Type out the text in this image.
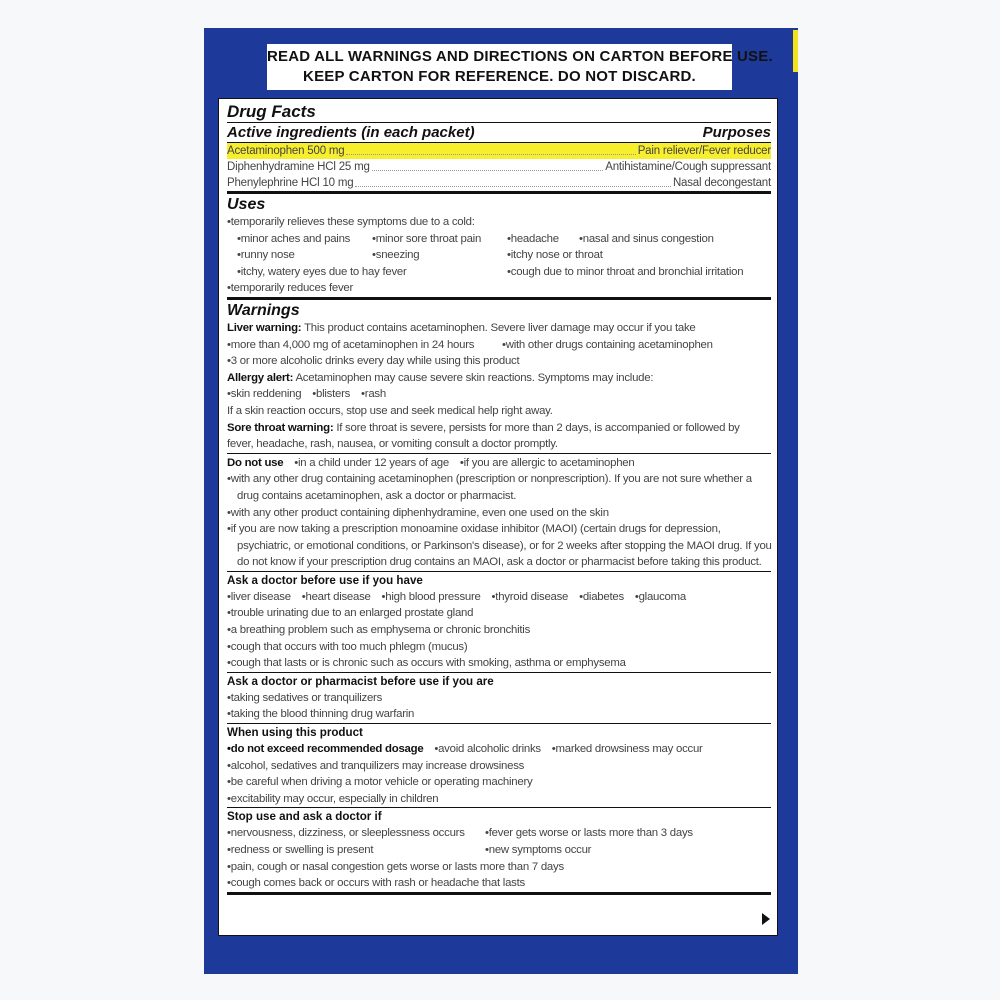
READ ALL WARNINGS AND DIRECTIONS ON CARTON BEFORE USE.
KEEP CARTON FOR REFERENCE. DO NOT DISCARD.
Drug Facts
Active ingredients (in each packet)	Purposes
Acetaminophen 500 mg	Pain reliever/Fever reducer
Diphenhydramine HCl 25 mg	Antihistamine/Cough suppressant
Phenylephrine HCl 10 mg	Nasal decongestant
Uses
• temporarily relieves these symptoms due to a cold:
• minor aches and pains	• minor sore throat pain	• headache	• nasal and sinus congestion
• runny nose	• sneezing	• itchy nose or throat
• itchy, watery eyes due to hay fever	• cough due to minor throat and bronchial irritation
• temporarily reduces fever
Warnings
Liver warning: This product contains acetaminophen. Severe liver damage may occur if you take
• more than 4,000 mg of acetaminophen in 24 hours	• with other drugs containing acetaminophen
• 3 or more alcoholic drinks every day while using this product
Allergy alert: Acetaminophen may cause severe skin reactions. Symptoms may include:
• skin reddening • blisters • rash
If a skin reaction occurs, stop use and seek medical help right away.
Sore throat warning: If sore throat is severe, persists for more than 2 days, is accompanied or followed by
fever, headache, rash, nausea, or vomiting consult a doctor promptly.
Do not use • in a child under 12 years of age • if you are allergic to acetaminophen
• with any other drug containing acetaminophen (prescription or nonprescription). If you are not sure whether a
drug contains acetaminophen, ask a doctor or pharmacist.
• with any other product containing diphenhydramine, even one used on the skin
• if you are now taking a prescription monoamine oxidase inhibitor (MAOI) (certain drugs for depression,
psychiatric, or emotional conditions, or Parkinson's disease), or for 2 weeks after stopping the MAOI drug. If you
do not know if your prescription drug contains an MAOI, ask a doctor or pharmacist before taking this product.
Ask a doctor before use if you have
• liver disease • heart disease • high blood pressure • thyroid disease • diabetes • glaucoma
• trouble urinating due to an enlarged prostate gland
• a breathing problem such as emphysema or chronic bronchitis
• cough that occurs with too much phlegm (mucus)
• cough that lasts or is chronic such as occurs with smoking, asthma or emphysema
Ask a doctor or pharmacist before use if you are
• taking sedatives or tranquilizers
• taking the blood thinning drug warfarin
When using this product
• do not exceed recommended dosage • avoid alcoholic drinks • marked drowsiness may occur
• alcohol, sedatives and tranquilizers may increase drowsiness
• be careful when driving a motor vehicle or operating machinery
• excitability may occur, especially in children
Stop use and ask a doctor if
• nervousness, dizziness, or sleeplessness occurs	• fever gets worse or lasts more than 3 days
• redness or swelling is present	• new symptoms occur
• pain, cough or nasal congestion gets worse or lasts more than 7 days
• cough comes back or occurs with rash or headache that lasts
